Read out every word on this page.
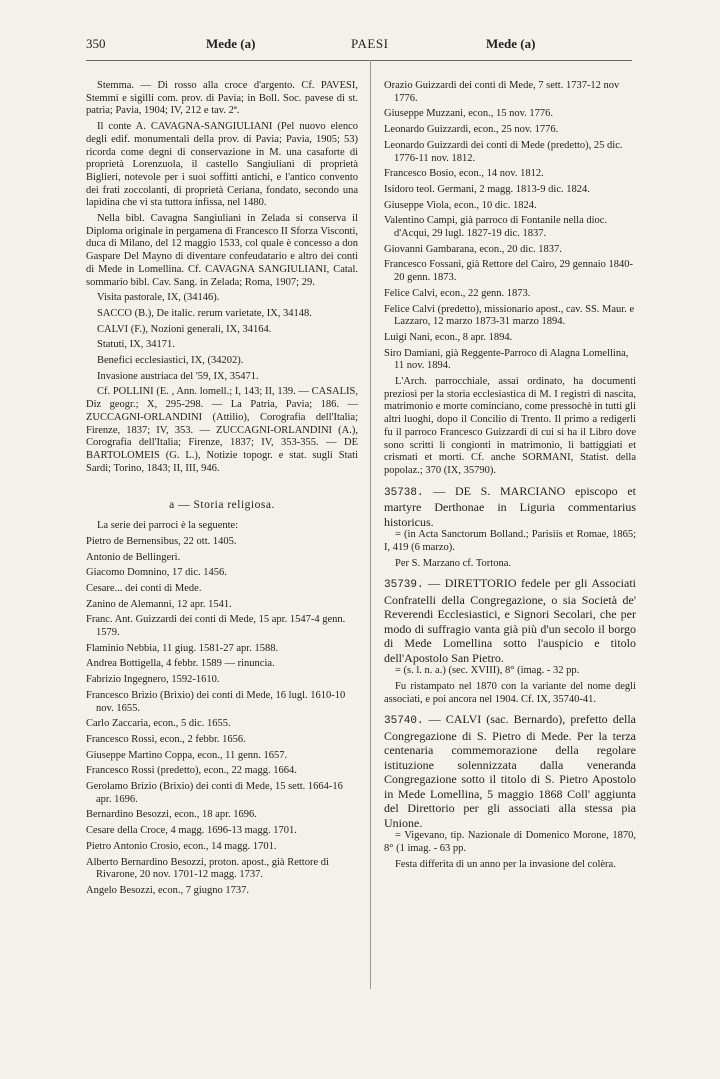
350	Mede (a)	PAESI	Mede (a)

Stemma. — Di rosso alla croce d'argento. Cf. PAVESI, Stemmi e sigilli com. prov. di Pavia; in Boll. Soc. pavese di st. patria; Pavia, 1904; IV, 212 e tav. 2ª.

Il conte A. CAVAGNA-SANGIULIANI (Pel nuovo elenco degli edif. monumentali della prov. di Pavia; Pavia, 1905; 53) ricorda come degni di conservazione in M. una casaforte di proprietà Lorenzuola, il castello Sangiuliani di proprietà Biglieri, notevole per i suoi soffitti antichi, e l'antico convento dei frati zoccolanti, di proprietà Ceriana, fondato, secondo una lapidina che vi sta tuttora infissa, nel 1480.

Nella bibl. Cavagna Sangiuliani in Zelada si conserva il Diploma originale in pergamena di Francesco II Sforza Visconti, duca di Milano, del 12 maggio 1533, col quale è concesso a don Gaspare Del Mayno di diventare confeudatario e altro dei conti di Mede in Lomellina. Cf. CAVAGNA SANGIULIANI, Catal. sommario bibl. Cav. Sang. in Zelada; Roma, 1907; 29.

Visita pastorale, IX, (34146).

SACCO (B.), De italic. rerum varietate, IX, 34148.

CALVI (F.), Nozioni generali, IX, 34164.

Statuti, IX, 34171.

Benefici ecclesiastici, IX, (34202).

Invasione austriaca del '59, IX, 35471.

Cf. POLLINI (E. , Ann. lomell.; I, 143; II, 139. — CASALIS, Diz geogr.; X, 295-298. — La Patria, Pavia; 186. — ZUCCAGNI-ORLANDINI (Attilio), Corografia dell'Italia; Firenze, 1837; IV, 353. — ZUCCAGNI-ORLANDINI (A.), Corografia dell'Italia; Firenze, 1837; IV, 353-355. — DE BARTOLOMEIS (G. L.), Notizie topogr. e stat. sugli Stati Sardi; Torino, 1843; II, III, 946.

a — Storia religiosa.

La serie dei parroci è la seguente:

Pietro de Bernensibus, 22 ott. 1405.

Antonio de Bellingeri.

Giacomo Domnino, 17 dic. 1456.

Cesare... dei conti di Mede.

Zanino de Alemanni, 12 apr. 1541.

Franc. Ant. Guizzardi dei conti di Mede, 15 apr. 1547-4 genn. 1579.

Flaminio Nebbia, 11 giug. 1581-27 apr. 1588.

Andrea Bottigella, 4 febbr. 1589 — rinuncia.

Fabrizio Ingegnero, 1592-1610.

Francesco Brizio (Brixio) dei conti di Mede, 16 lugl. 1610-10 nov. 1655.

Carlo Zaccaria, econ., 5 dic. 1655.

Francesco Rossi, econ., 2 febbr. 1656.

Giuseppe Martino Coppa, econ., 11 genn. 1657.

Francesco Rossi (predetto), econ., 22 magg. 1664.

Gerolamo Brizio (Brixio) dei conti di Mede, 15 sett. 1664-16 apr. 1696.

Bernardino Besozzi, econ., 18 apr. 1696.

Cesare della Croce, 4 magg. 1696-13 magg. 1701.

Pietro Antonio Crosio, econ., 14 magg. 1701.

Alberto Bernardino Besozzi, proton. apost., già Rettore di Rivarone, 20 nov. 1701-12 magg. 1737.

Angelo Besozzi, econ., 7 giugno 1737.

Orazio Guizzardi dei conti di Mede, 7 sett. 1737-12 nov 1776.

Giuseppe Muzzani, econ., 15 nov. 1776.

Leonardo Guizzardi, econ., 25 nov. 1776.

Leonardo Guizzardi dei conti di Mede (predetto), 25 dic. 1776-11 nov. 1812.

Francesco Bosio, econ., 14 nov. 1812.

Isidoro teol. Germani, 2 magg. 1813-9 dic. 1824.

Giuseppe Viola, econ., 10 dic. 1824.

Valentino Campi, già parroco di Fontanile nella dioc. d'Acqui, 29 lugl. 1827-19 dic. 1837.

Giovanni Gambarana, econ., 20 dic. 1837.

Francesco Fossani, già Rettore del Cairo, 29 gennaio 1840-20 genn. 1873.

Felice Calvi, econ., 22 genn. 1873.

Felice Calvi (predetto), missionario apost., cav. SS. Maur. e Lazzaro, 12 marzo 1873-31 marzo 1894.

Luigi Nani, econ., 8 apr. 1894.

Siro Damiani, già Reggente-Parroco di Alagna Lomellina, 11 nov. 1894.

L'Arch. parrocchiale, assai ordinato, ha documenti preziosi per la storia ecclesiastica di M. I registri di nascita, matrimonio e morte cominciano, come pressochè in tutti gli altri luoghi, dopo il Concilio di Trento. Il primo a redigerli fu il parroco Francesco Guizzardi di cui si ha il Libro dove sono scritti li congionti in matrimonio, li battiggiati et crismati et morti. Cf. anche SORMANI, Statist. della popolaz.; 370 (IX, 35790).

35738. — DE S. MARCIANO episcopo et martyre Derthonae in Liguria commentarius historicus.

= (in Acta Sanctorum Bolland.; Parisiis et Romae, 1865; I, 419 (6 marzo).

Per S. Marzano cf. Tortona.

35739. — DIRETTORIO fedele per gli Associati Confratelli della Congregazione, o sia Società de' Reverendi Ecclesiastici, e Signori Secolari, che per modo di suffragio vanta già più d'un secolo il borgo di Mede Lomellina sotto l'auspicio e titolo dell'Apostolo San Pietro.

= (s. l. n. a.) (sec. XVIII), 8° (imag. - 32 pp.

Fu ristampato nel 1870 con la variante del nome degli associati, e poi ancora nel 1904. Cf. IX, 35740-41.

35740. — CALVI (sac. Bernardo), prefetto della Congregazione di S. Pietro di Mede. Per la terza centenaria commemorazione della regolare istituzione solennizzata dalla veneranda Congregazione sotto il titolo di S. Pietro Apostolo in Mede Lomellina, 5 maggio 1868 Coll' aggiunta del Direttorio per gli associati alla stessa pia Unione.

= Vigevano, tip. Nazionale di Domenico Morone, 1870, 8° (1 imag. - 63 pp.

Festa differita di un anno per la invasione del colèra.
